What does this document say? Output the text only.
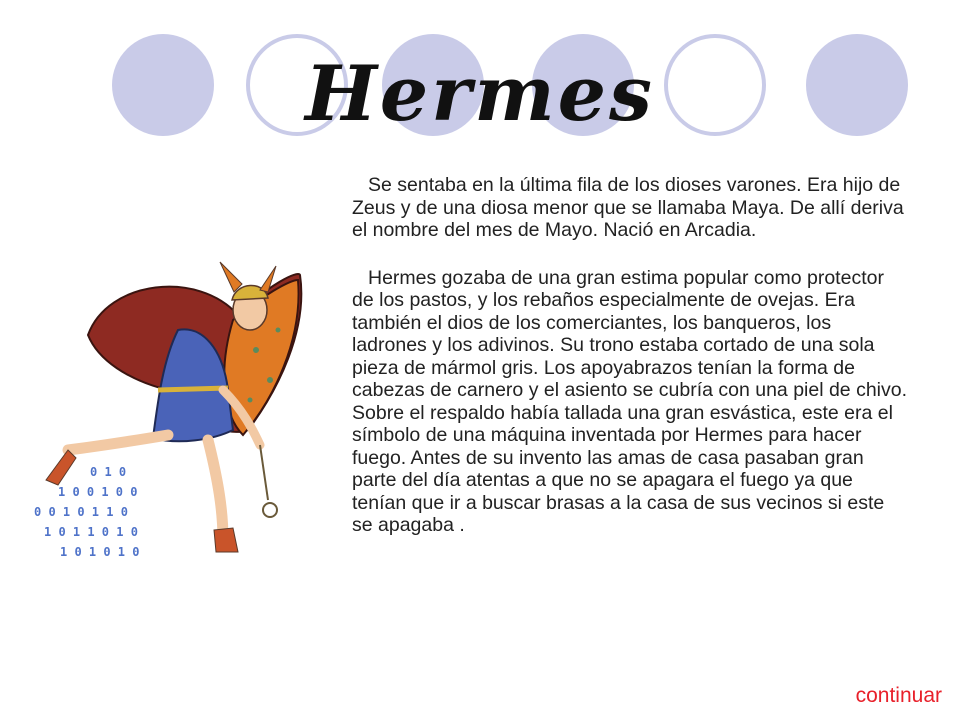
Hermes
0 1 0
1 0 0 1 0 0
0 0 1 0 1 1 0
1 0 1 1 0 1 0
1 0 1 0 1 0

Se sentaba en la última fila de los dioses varones. Era hijo de Zeus y de una diosa menor que se llamaba Maya. De allí deriva el nombre del mes de Mayo. Nació en Arcadia.

Hermes gozaba de una gran estima popular como protector de los pastos, y los rebaños especialmente de ovejas. Era también el dios de los comerciantes, los banqueros, los ladrones y los adivinos. Su trono estaba cortado de una sola pieza de mármol gris. Los apoyabrazos tenían la forma de cabezas de carnero y el asiento se cubría con una piel de chivo. Sobre el respaldo había tallada una gran esvástica, este era el símbolo de una máquina inventada por Hermes para hacer fuego. Antes de su invento las amas de casa pasaban gran parte del día atentas a que no se apagara el fuego ya que tenían que ir a buscar brasas a la casa de sus vecinos si este se apagaba .

continuar
